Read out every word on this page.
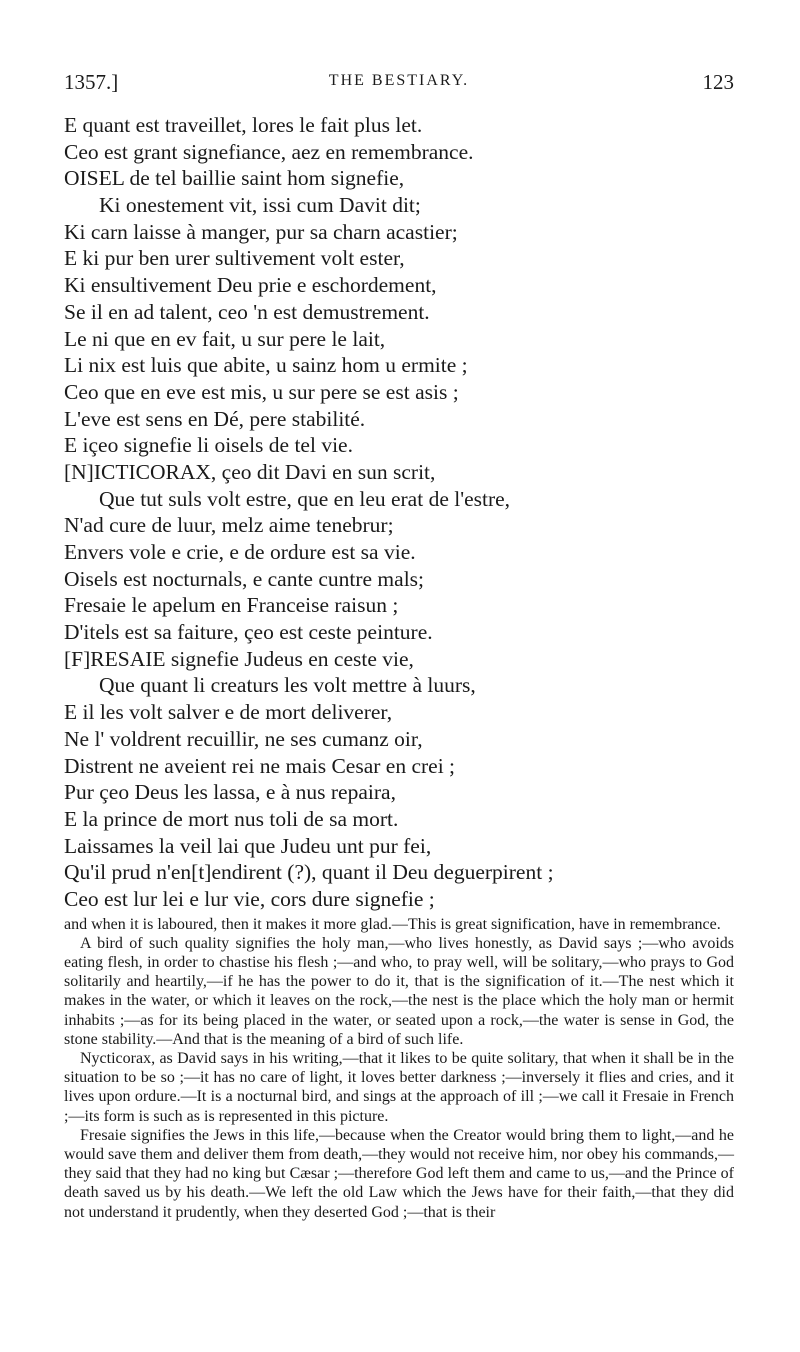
1357.]	THE BESTIARY.	123
E quant est traveillet, lores le fait plus let.
Ceo est grant signefiance, aez en remembrance.
OISEL de tel baillie saint hom signefie,
Ki onestement vit, issi cum Davit dit;
Ki carn laisse à manger, pur sa charn acastier;
E ki pur ben urer sultivement volt ester,
Ki ensultivement Deu prie e eschordement,
Se il en ad talent, ceo 'n est demustrement.
Le ni que en ev fait, u sur pere le lait,
Li nix est luis que abite, u sainz hom u ermite ;
Ceo que en eve est mis, u sur pere se est asis ;
L'eve est sens en Dé, pere stabilité.
E içeo signefie li oisels de tel vie.
[N]ICTICORAX, çeo dit Davi en sun scrit,
Que tut suls volt estre, que en leu erat de l'estre,
N'ad cure de luur, melz aime tenebrur;
Envers vole e crie, e de ordure est sa vie.
Oisels est nocturnals, e cante cuntre mals;
Fresaie le apelum en Franceise raisun ;
D'itels est sa faiture, çeo est ceste peinture.
[F]RESAIE signefie Judeus en ceste vie,
Que quant li creaturs les volt mettre à luurs,
E il les volt salver e de mort deliverer,
Ne l' voldrent recuillir, ne ses cumanz oir,
Distrent ne aveient rei ne mais Cesar en crei ;
Pur çeo Deus les lassa, e à nus repaira,
E la prince de mort nus toli de sa mort.
Laissames la veil lai que Judeu unt pur fei,
Qu'il prud n'en[t]endirent (?), quant il Deu deguerpirent ;
Ceo est lur lei e lur vie, cors dure signefie ;

and when it is laboured, then it makes it more glad.—This is great signification, have in remembrance.

A bird of such quality signifies the holy man,—who lives honestly, as David says ;—who avoids eating flesh, in order to chastise his flesh ;—and who, to pray well, will be solitary,—who prays to God solitarily and heartily,—if he has the power to do it, that is the signification of it.—The nest which it makes in the water, or which it leaves on the rock,—the nest is the place which the holy man or hermit inhabits ;—as for its being placed in the water, or seated upon a rock,—the water is sense in God, the stone stability.—And that is the meaning of a bird of such life.

Nycticorax, as David says in his writing,—that it likes to be quite solitary, that when it shall be in the situation to be so ;—it has no care of light, it loves better darkness ;—inversely it flies and cries, and it lives upon ordure.—It is a nocturnal bird, and sings at the approach of ill ;—we call it Fresaie in French ;—its form is such as is represented in this picture.

Fresaie signifies the Jews in this life,—because when the Creator would bring them to light,—and he would save them and deliver them from death,—they would not receive him, nor obey his commands,—they said that they had no king but Cæsar ;—therefore God left them and came to us,—and the Prince of death saved us by his death.—We left the old Law which the Jews have for their faith,—that they did not understand it prudently, when they deserted God ;—that is their
